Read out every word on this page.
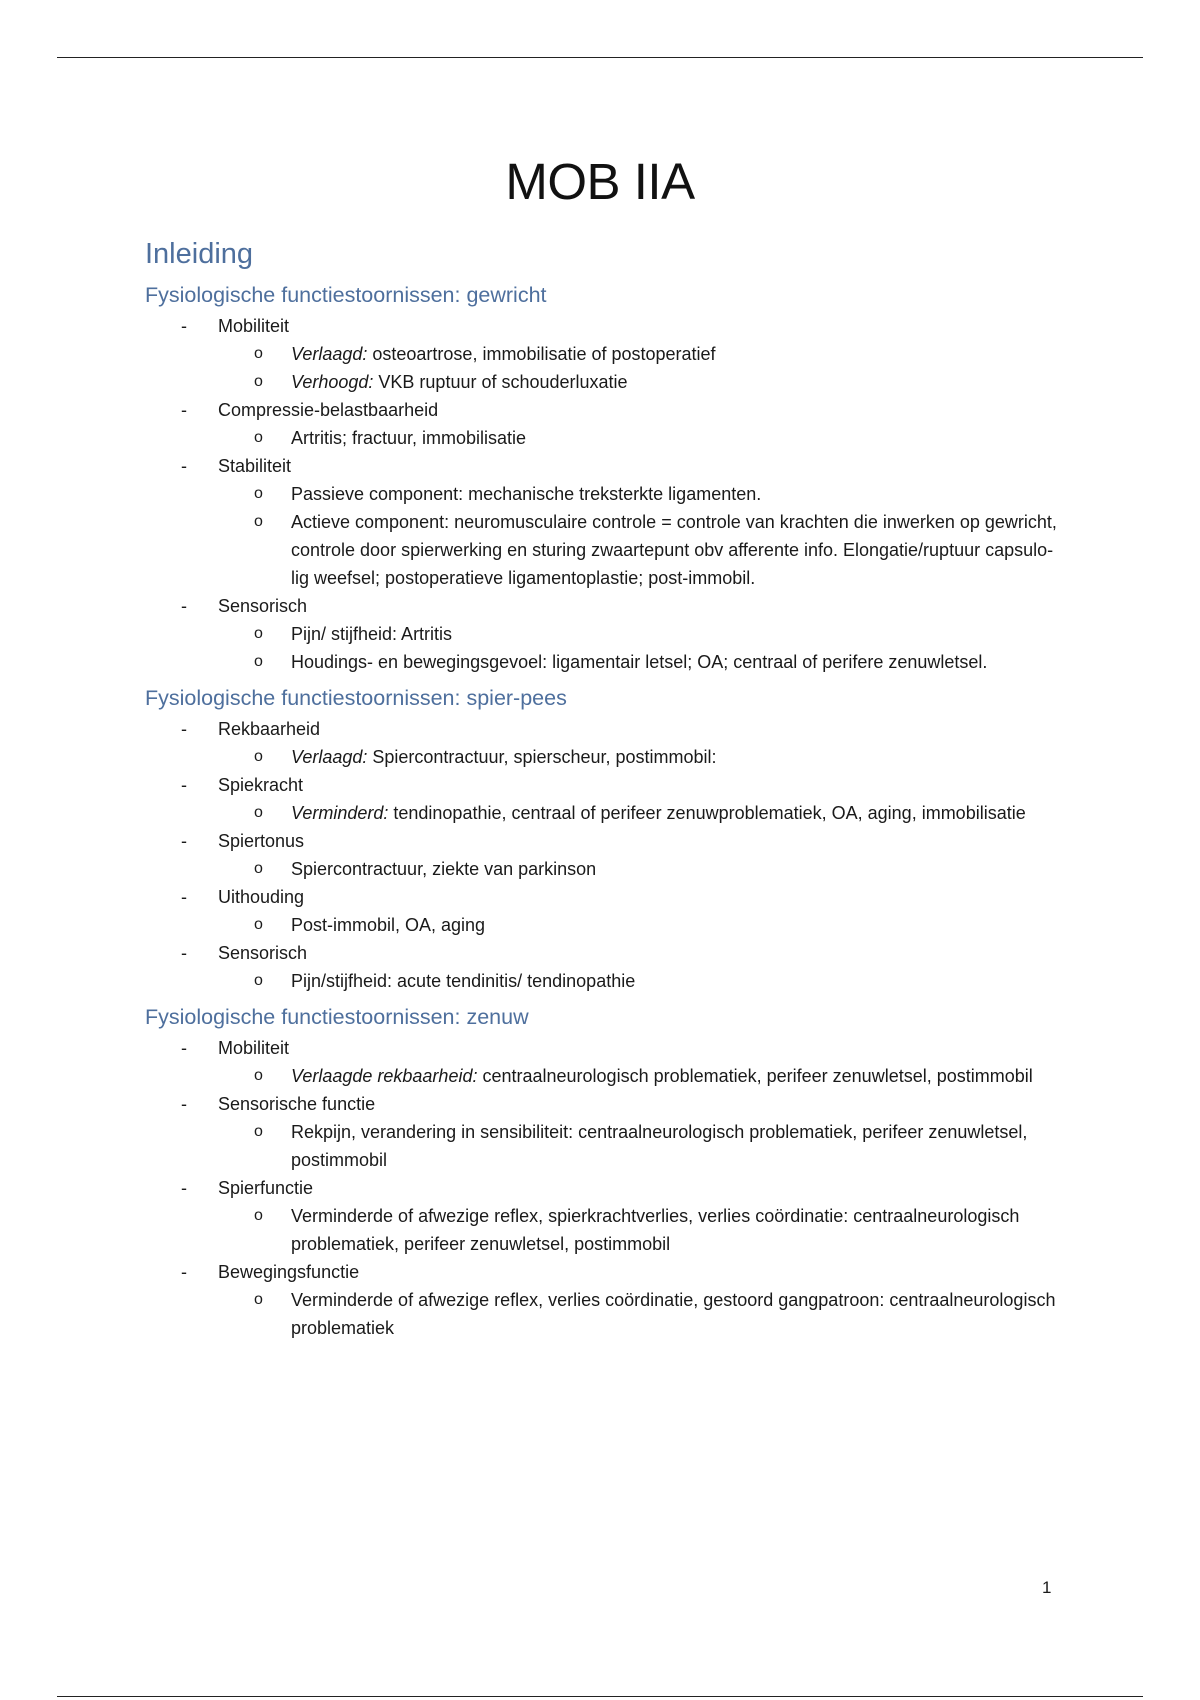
MOB IIA
Inleiding
Fysiologische functiestoornissen: gewricht
- Mobiliteit
o Verlaagd: osteoartrose, immobilisatie of postoperatief
o Verhoogd: VKB ruptuur of schouderluxatie
- Compressie-belastbaarheid
o Artritis; fractuur, immobilisatie
- Stabiliteit
o Passieve component: mechanische treksterkte ligamenten.
o Actieve component: neuromusculaire controle = controle van krachten die inwerken op gewricht, controle door spierwerking en sturing zwaartepunt obv afferente info. Elongatie/ruptuur capsulo-lig weefsel; postoperatieve ligamentoplastie; post-immobil.
- Sensorisch
o Pijn/ stijfheid: Artritis
o Houdings- en bewegingsgevoel: ligamentair letsel; OA; centraal of perifere zenuwletsel.
Fysiologische functiestoornissen: spier-pees
- Rekbaarheid
o Verlaagd: Spiercontractuur, spierscheur, postimmobil:
- Spiekracht
o Verminderd: tendinopathie, centraal of perifeer zenuwproblematiek, OA, aging, immobilisatie
- Spiertonus
o Spiercontractuur, ziekte van parkinson
- Uithouding
o Post-immobil, OA, aging
- Sensorisch
o Pijn/stijfheid: acute tendinitis/ tendinopathie
Fysiologische functiestoornissen: zenuw
- Mobiliteit
o Verlaagde rekbaarheid: centraalneurologisch problematiek, perifeer zenuwletsel, postimmobil
- Sensorische functie
o Rekpijn, verandering in sensibiliteit: centraalneurologisch problematiek, perifeer zenuwletsel, postimmobil
- Spierfunctie
o Verminderde of afwezige reflex, spierkrachtverlies, verlies coördinatie: centraalneurologisch problematiek, perifeer zenuwletsel, postimmobil
- Bewegingsfunctie
o Verminderde of afwezige reflex, verlies coördinatie, gestoord gangpatroon: centraalneurologisch problematiek
1
